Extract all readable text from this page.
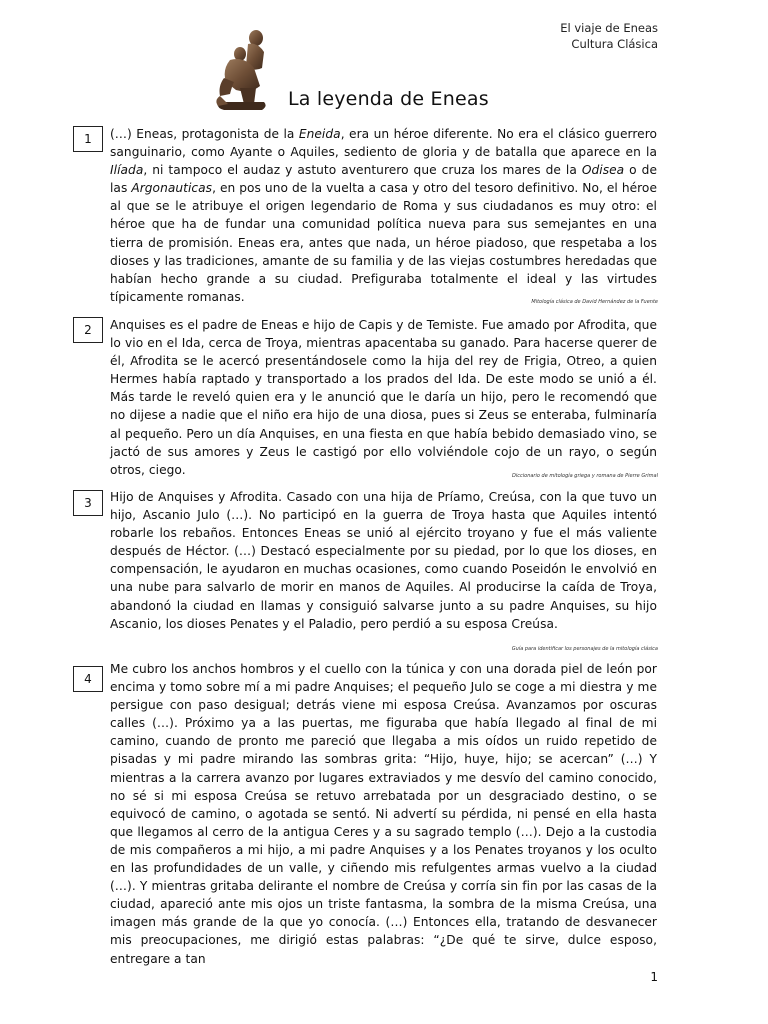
El viaje de Eneas
Cultura Clásica
La leyenda de Eneas
1	(…) Eneas, protagonista de la Eneida, era un héroe diferente. No era el clásico guerrero sanguinario, como Ayante o Aquiles, sediento de gloria y de batalla que aparece en la Ilíada, ni tampoco el audaz y astuto aventurero que cruza los mares de la Odisea o de las Argonauticas, en pos uno de la vuelta a casa y otro del tesoro definitivo. No, el héroe al que se le atribuye el origen legendario de Roma y sus ciudadanos es muy otro: el héroe que ha de fundar una comunidad política nueva para sus semejantes en una tierra de promisión. Eneas era, antes que nada, un héroe piadoso, que respetaba a los dioses y las tradiciones, amante de su familia y de las viejas costumbres heredadas que habían hecho grande a su ciudad. Prefiguraba totalmente el ideal y las virtudes típicamente romanas.	Mitología clásica de David Hernández de la Fuente
2	Anquises es el padre de Eneas e hijo de Capis y de Temiste. Fue amado por Afrodita, que lo vio en el Ida, cerca de Troya, mientras apacentaba su ganado. Para hacerse querer de él, Afrodita se le acercó presentándosele como la hija del rey de Frigia, Otreo, a quien Hermes había raptado y transportado a los prados del Ida. De este modo se unió a él. Más tarde le reveló quien era y le anunció que le daría un hijo, pero le recomendó que no dijese a nadie que el niño era hijo de una diosa, pues si Zeus se enteraba, fulminaría al pequeño. Pero un día Anquises, en una fiesta en que había bebido demasiado vino, se jactó de sus amores y Zeus le castigó por ello volviéndole cojo de un rayo, o según otros, ciego.	Diccionario de mitología griega y romana de Pierre Grimal
3	Hijo de Anquises y Afrodita. Casado con una hija de Príamo, Creúsa, con la que tuvo un hijo, Ascanio Julo (…). No participó en la guerra de Troya hasta que Aquiles intentó robarle los rebaños. Entonces Eneas se unió al ejército troyano y fue el más valiente después de Héctor. (…) Destacó especialmente por su piedad, por lo que los dioses, en compensación, le ayudaron en muchas ocasiones, como cuando Poseidón le envolvió en una nube para salvarlo de morir en manos de Aquiles. Al producirse la caída de Troya, abandonó la ciudad en llamas y consiguió salvarse junto a su padre Anquises, su hijo Ascanio, los dioses Penates y el Paladio, pero perdió a su esposa Creúsa.
Guía para identificar los personajes de la mitología clásica
4
Me cubro los anchos hombros y el cuello con la túnica y con una dorada piel de león por encima y tomo sobre mí a mi padre Anquises; el pequeño Julo se coge a mi diestra y me persigue con paso desigual; detrás viene mi esposa Creúsa. Avanzamos por oscuras calles (…). Próximo ya a las puertas, me figuraba que había llegado al final de mi camino, cuando de pronto me pareció que llegaba a mis oídos un ruido repetido de pisadas y mi padre mirando las sombras grita: “Hijo, huye, hijo; se acercan” (…) Y mientras a la carrera avanzo por lugares extraviados y me desvío del camino conocido, no sé si mi esposa Creúsa se retuvo arrebatada por un desgraciado destino, o se equivocó de camino, o agotada se sentó. Ni advertí su pérdida, ni pensé en ella hasta que llegamos al cerro de la antigua Ceres y a su sagrado templo (…). Dejo a la custodia de mis compañeros a mi hijo, a mi padre Anquises y a los Penates troyanos y los oculto en las profundidades de un valle, y ciñendo mis refulgentes armas vuelvo a la ciudad (…). Y mientras gritaba delirante el nombre de Creúsa y corría sin fin por las casas de la ciudad, apareció ante mis ojos un triste fantasma, la sombra de la misma Creúsa, una imagen más grande de la que yo conocía. (…) Entonces ella, tratando de desvanecer mis preocupaciones, me dirigió estas palabras: “¿De qué te sirve, dulce esposo, entregare a tan
1
